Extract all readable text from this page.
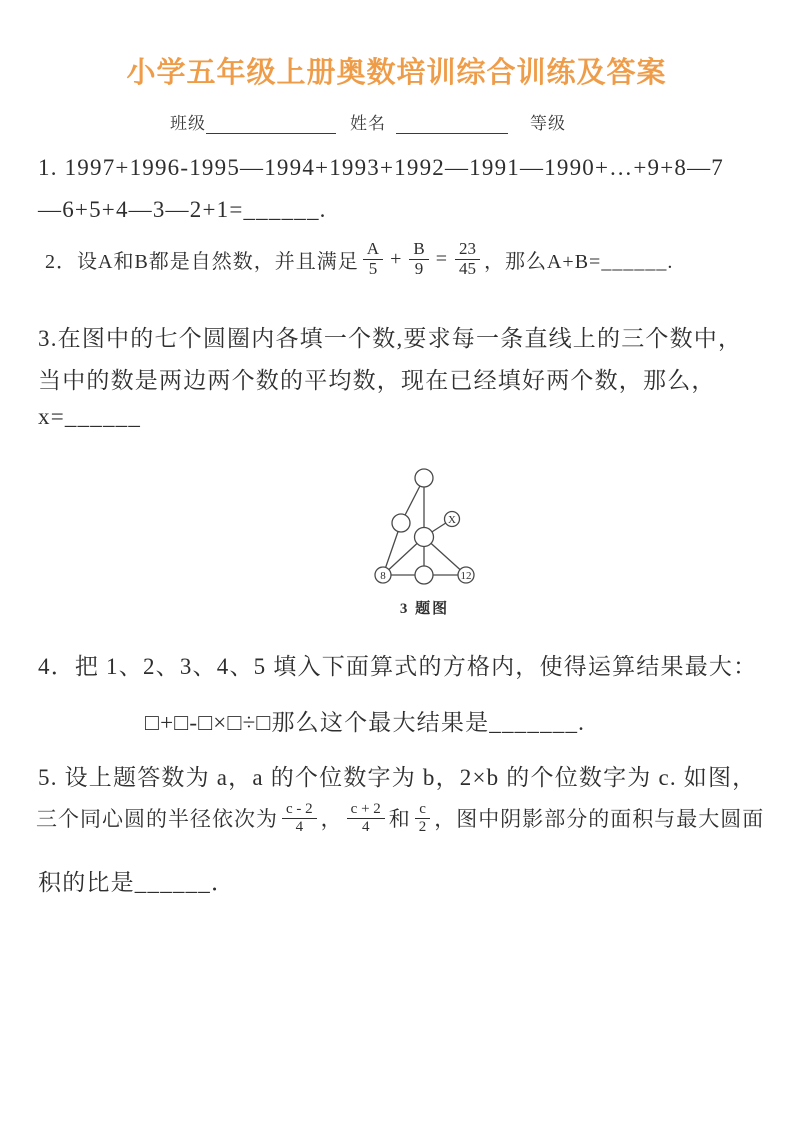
小学五年级上册奥数培训综合训练及答案
班级	姓名	等级
1. 1997+1996-1995—1994+1993+1992—1991—1990+…+9+8—7
—6+5+4—3—2+1=______.
2．设A和B都是自然数，并且满足 $\frac{A}{5} + \frac{B}{9} = \frac{23}{45}$ ，那么A+B=______.
3.在图中的七个圆圈内各填一个数,要求每一条直线上的三个数中，
当中的数是两边两个数的平均数，现在已经填好两个数，那么，
x=______
X
8	12
3 题图
4．把 1、2、3、4、5 填入下面算式的方格内，使得运算结果最大：
□+□-□×□÷□那么这个最大结果是_______.
5. 设上题答数为 a，a 的个位数字为 b，2×b 的个位数字为 c. 如图，
三个同心圆的半径依次为 $\frac{c - 2}{4}$ ， $\frac{c + 2}{4}$ 和 $\frac{c}{2}$ ，图中阴影部分的面积与最大圆面
积的比是______．
